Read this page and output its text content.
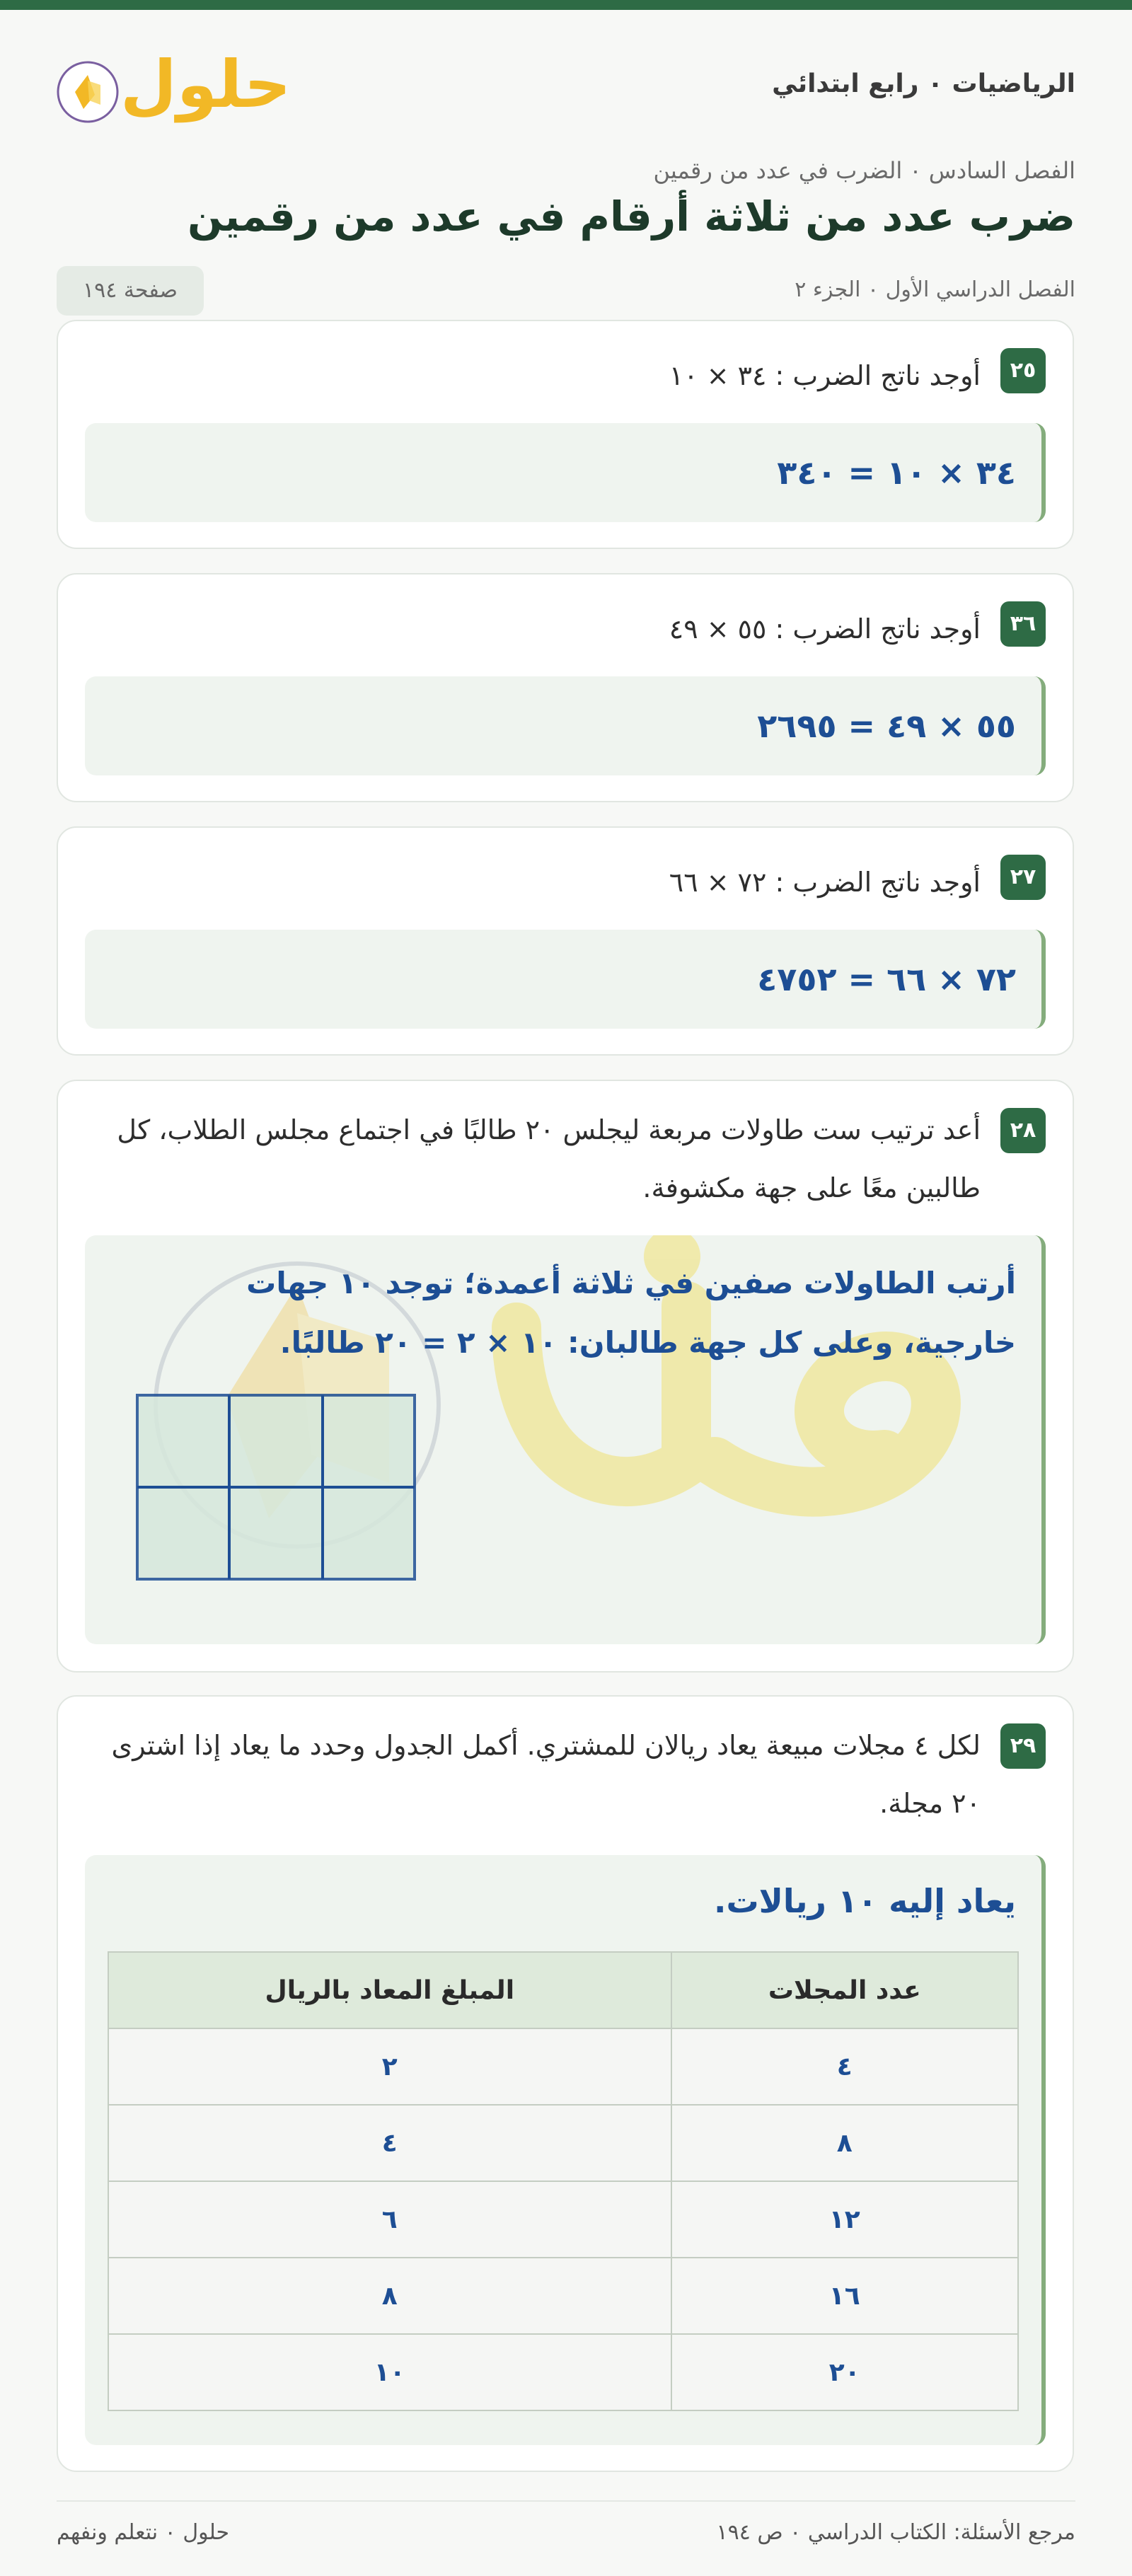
الرياضيات ٠ رابع ابتدائي
حلول
الفصل السادس ٠ الضرب في عدد من رقمين
ضرب عدد من ثلاثة أرقام في عدد من رقمين
الفصل الدراسي الأول ٠ الجزء ٢
صفحة ١٩٤
٢٥
أوجد ناتج الضرب : ٣٤ × ١٠
٣٤ × ١٠ = ٣٤٠
٣٦
أوجد ناتج الضرب : ٥٥ × ٤٩
٥٥ × ٤٩ = ٢٦٩٥
٢٧
أوجد ناتج الضرب : ٧٢ × ٦٦
٧٢ × ٦٦ = ٤٧٥٢
٢٨
أعد ترتيب ست طاولات مربعة ليجلس ٢٠ طالبًا في اجتماع مجلس الطلاب، كل طالبين معًا على جهة مكشوفة.
أرتب الطاولات صفين في ثلاثة أعمدة؛ توجد ١٠ جهات خارجية، وعلى كل جهة طالبان: ١٠ × ٢ = ٢٠ طالبًا.
٢٩
لكل ٤ مجلات مبيعة يعاد ريالان للمشتري. أكمل الجدول وحدد ما يعاد إذا اشترى ٢٠ مجلة.
يعاد إليه ١٠ ريالات.
عدد المجلات	المبلغ المعاد بالريال
٤	٢
٨	٤
١٢	٦
١٦	٨
٢٠	١٠
مرجع الأسئلة: الكتاب الدراسي ٠ ص ١٩٤
حلول ٠ نتعلم ونفهم
